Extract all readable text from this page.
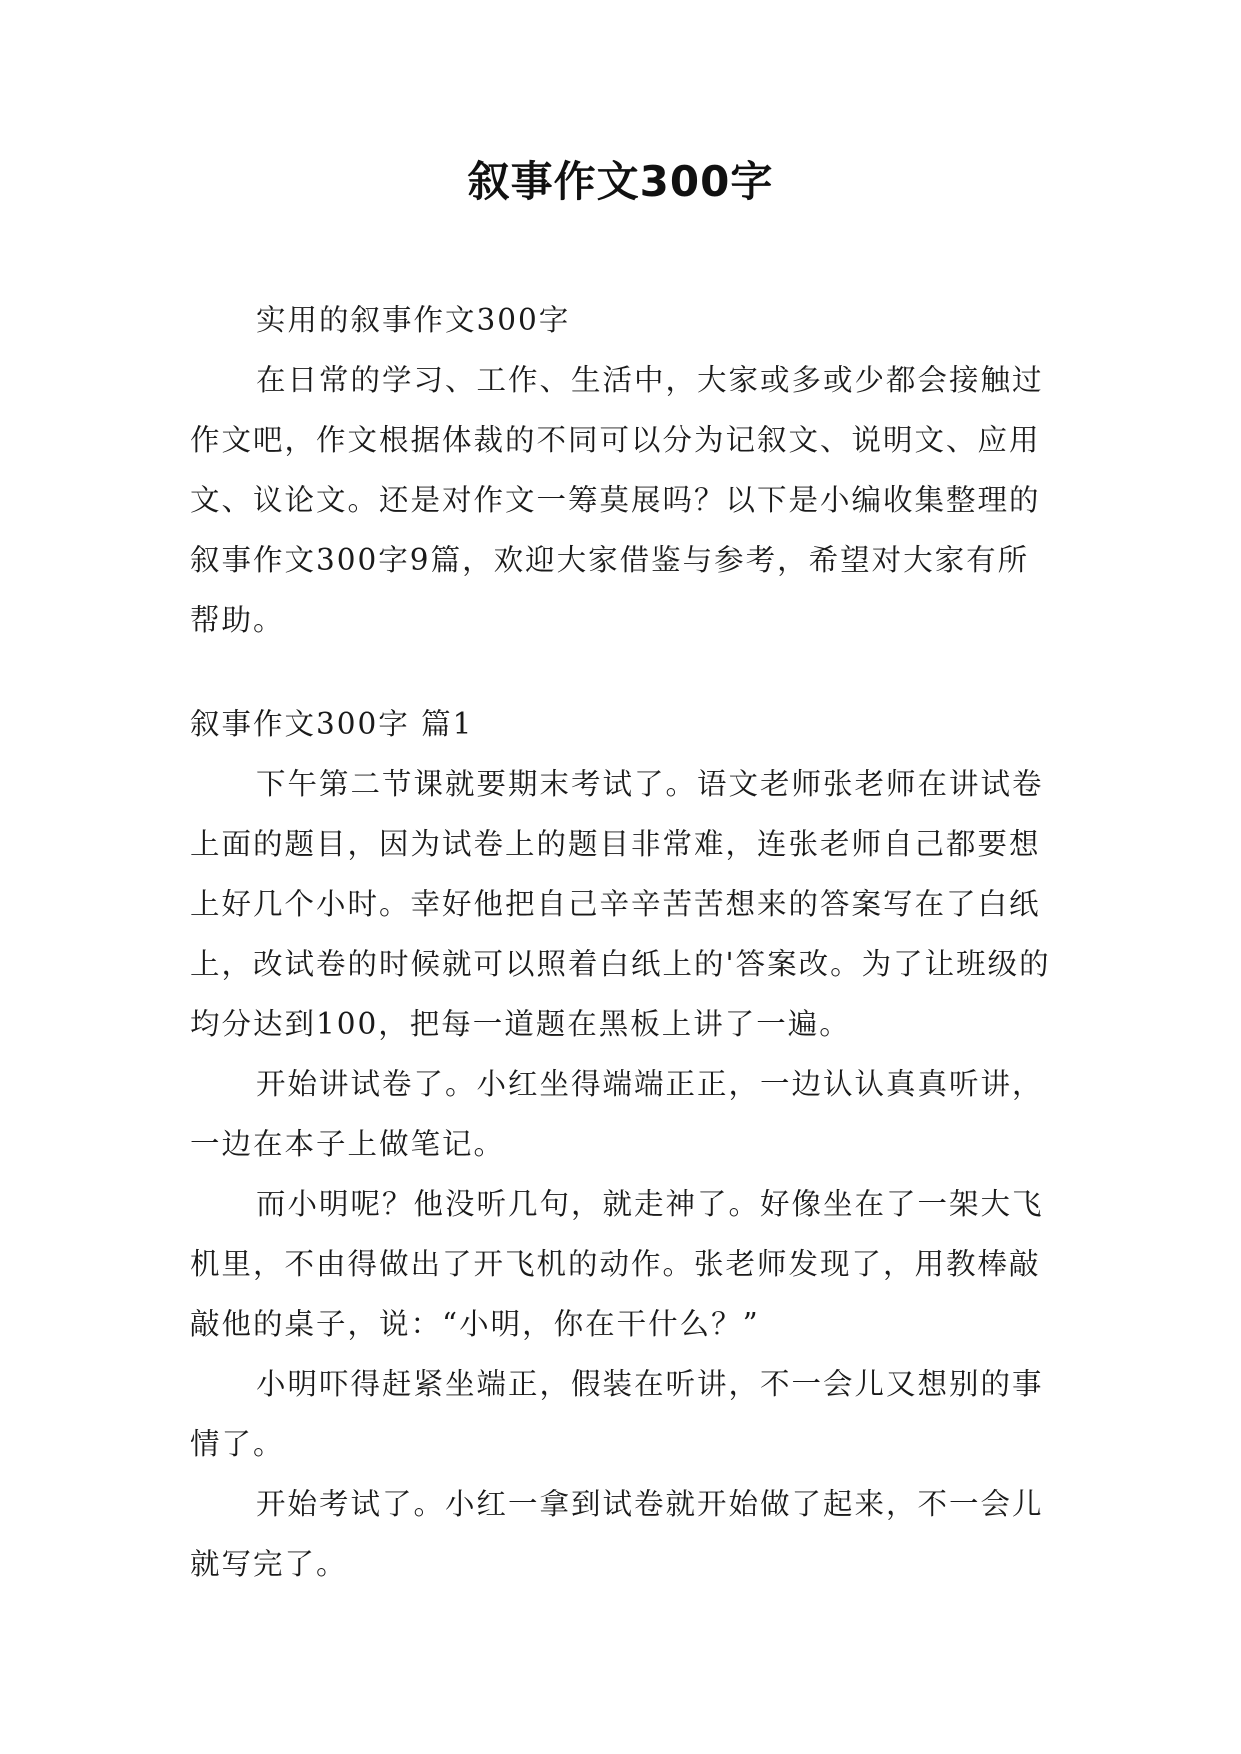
叙事作文300字

实用的叙事作文300字

在日常的学习、工作、生活中，大家或多或少都会接触过作文吧，作文根据体裁的不同可以分为记叙文、说明文、应用文、议论文。还是对作文一筹莫展吗？以下是小编收集整理的叙事作文300字9篇，欢迎大家借鉴与参考，希望对大家有所帮助。

叙事作文300字 篇1

下午第二节课就要期末考试了。语文老师张老师在讲试卷上面的题目，因为试卷上的题目非常难，连张老师自己都要想上好几个小时。幸好他把自己辛辛苦苦想来的答案写在了白纸上，改试卷的时候就可以照着白纸上的'答案改。为了让班级的均分达到100，把每一道题在黑板上讲了一遍。

开始讲试卷了。小红坐得端端正正，一边认认真真听讲，一边在本子上做笔记。

而小明呢？他没听几句，就走神了。好像坐在了一架大飞机里，不由得做出了开飞机的动作。张老师发现了，用教棒敲敲他的桌子，说：“小明，你在干什么？”

小明吓得赶紧坐端正，假装在听讲，不一会儿又想别的事情了。

开始考试了。小红一拿到试卷就开始做了起来，不一会儿就写完了。
